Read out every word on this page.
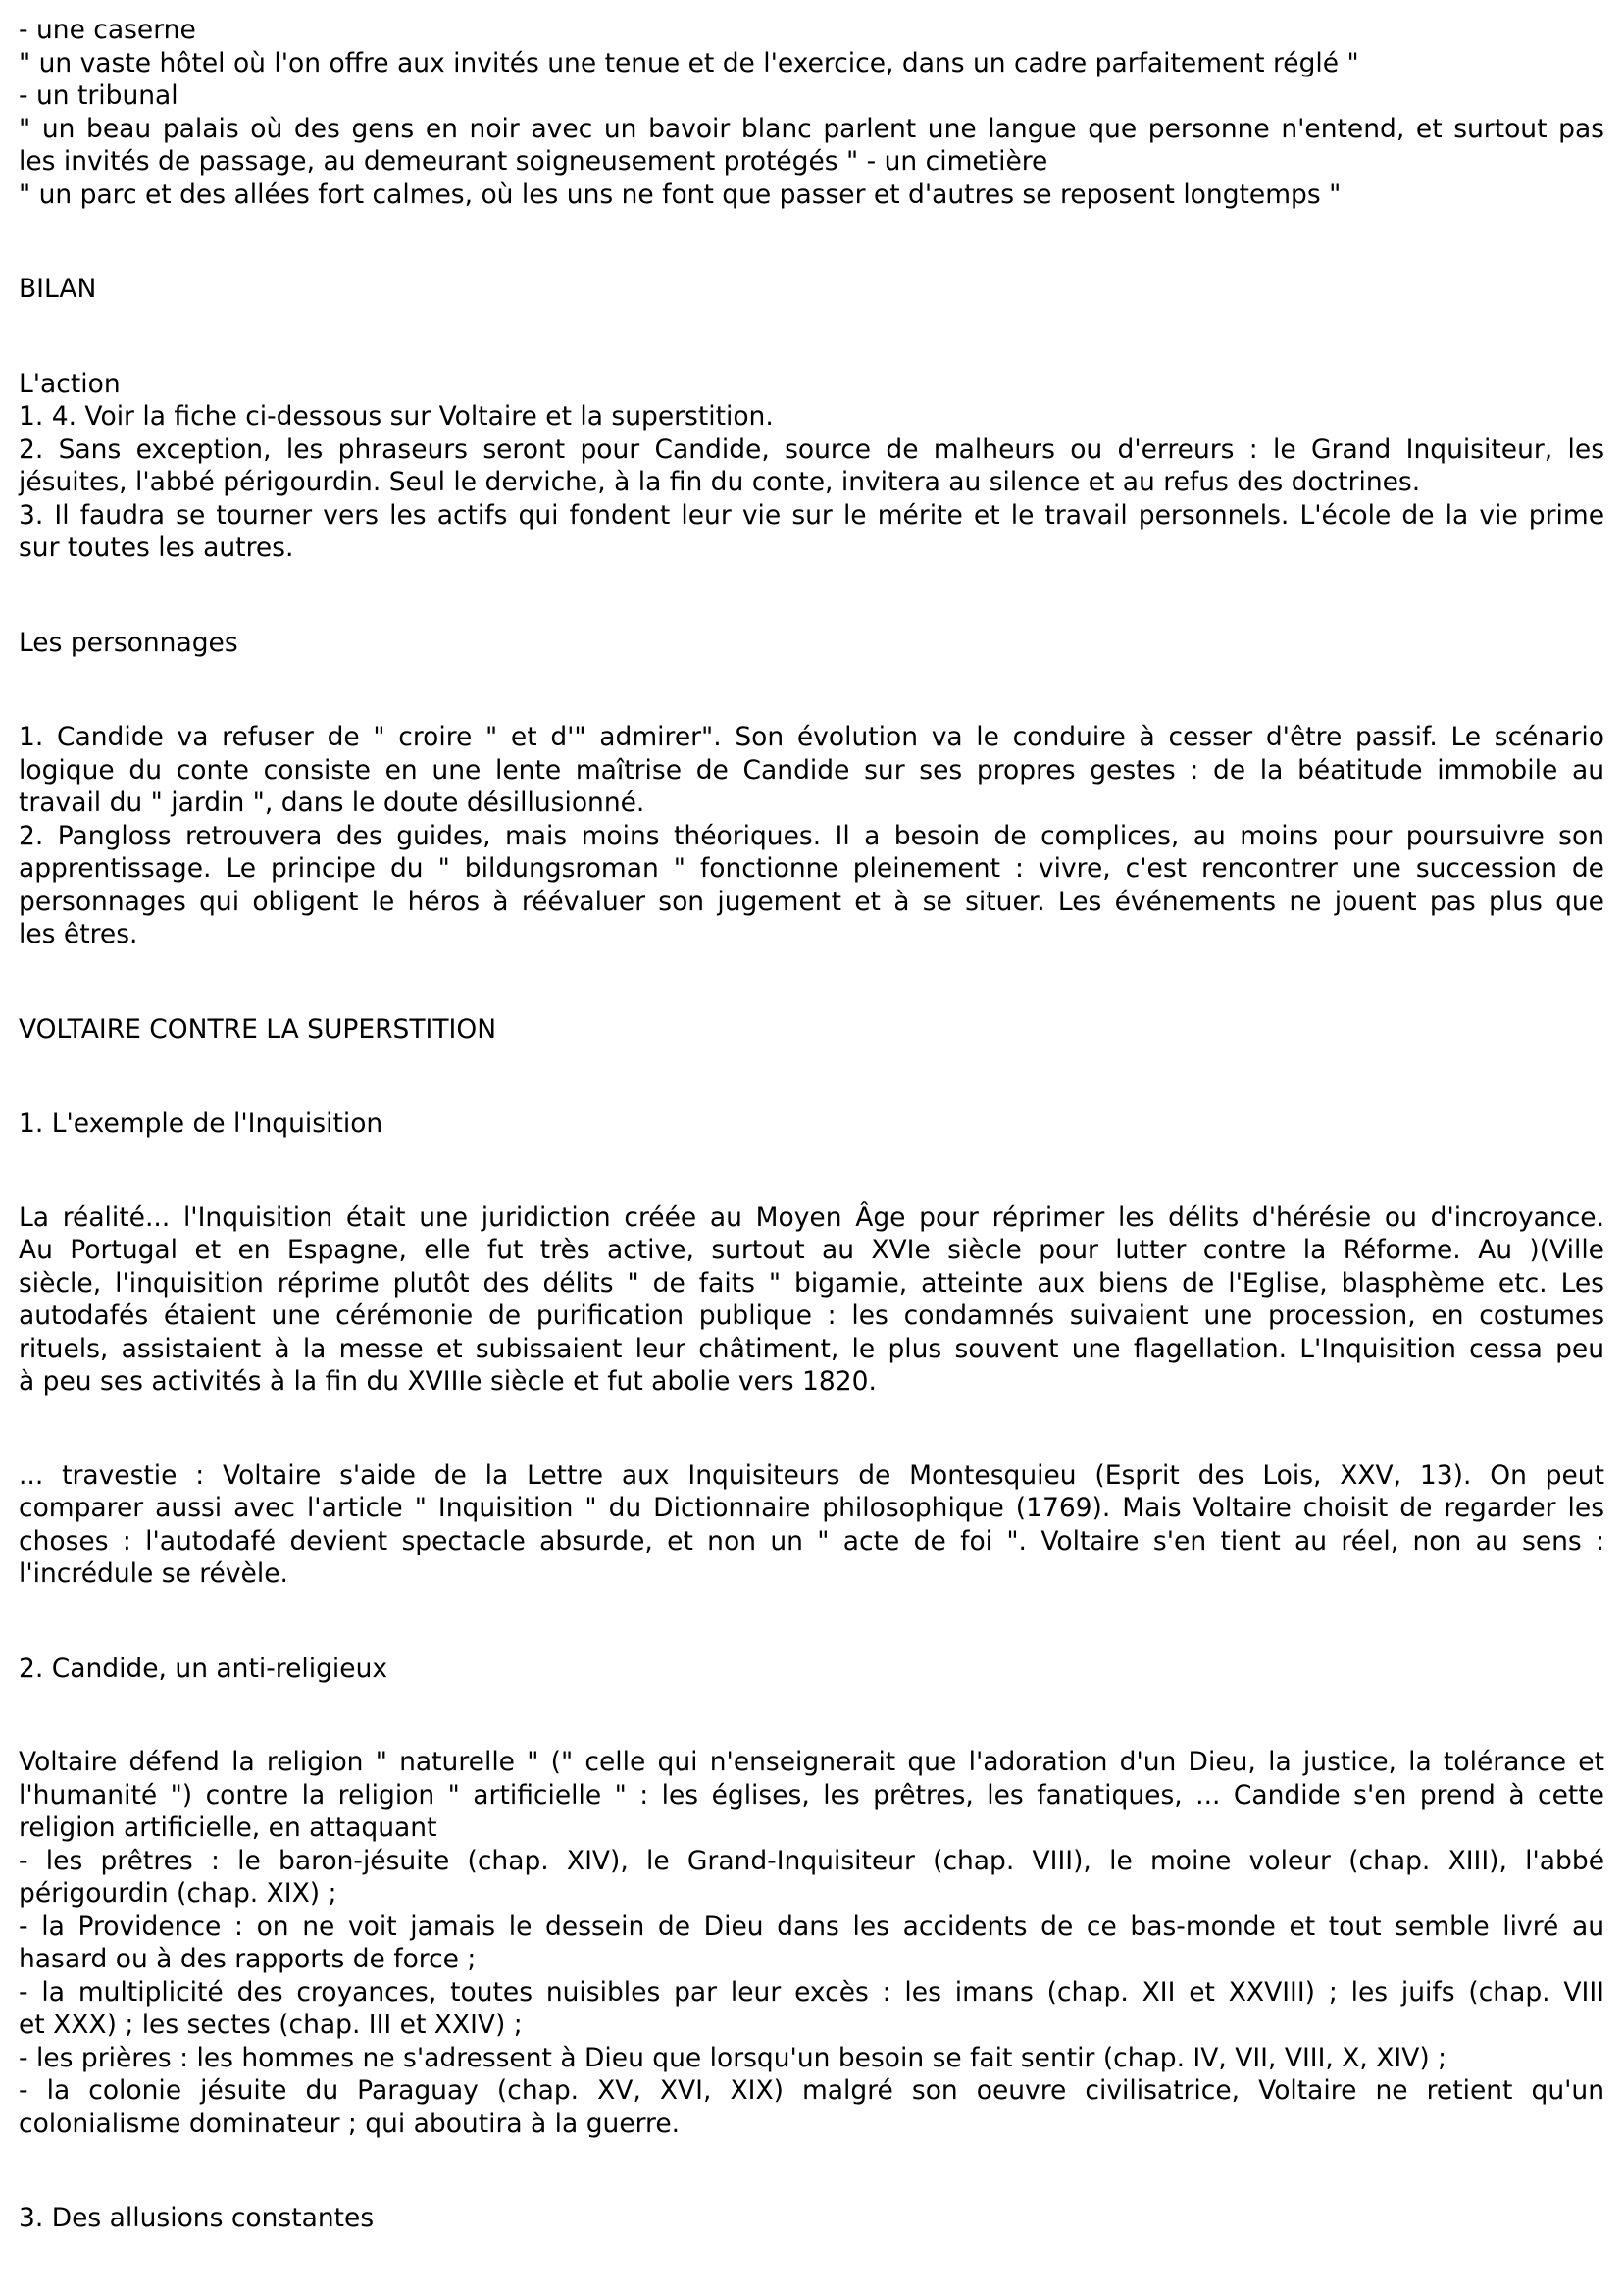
- une caserne
" un vaste hôtel où l'on offre aux invités une tenue et de l'exercice, dans un cadre parfaitement réglé "
- un tribunal
" un beau palais où des gens en noir avec un bavoir blanc parlent une langue que personne n'entend, et surtout pas
les invités de passage, au demeurant soigneusement protégés " - un cimetière
" un parc et des allées fort calmes, où les uns ne font que passer et d'autres se reposent longtemps "
BILAN
L'action
1. 4. Voir la fiche ci-dessous sur Voltaire et la superstition.
2. Sans exception, les phraseurs seront pour Candide, source de malheurs ou d'erreurs : le Grand Inquisiteur, les
jésuites, l'abbé périgourdin. Seul le derviche, à la fin du conte, invitera au silence et au refus des doctrines.
3. Il faudra se tourner vers les actifs qui fondent leur vie sur le mérite et le travail personnels. L'école de la vie prime
sur toutes les autres.
Les personnages
1. Candide va refuser de " croire " et d'" admirer". Son évolution va le conduire à cesser d'être passif. Le scénario
logique du conte consiste en une lente maîtrise de Candide sur ses propres gestes : de la béatitude immobile au
travail du " jardin ", dans le doute désillusionné.
2. Pangloss retrouvera des guides, mais moins théoriques. Il a besoin de complices, au moins pour poursuivre son
apprentissage. Le principe du " bildungsroman " fonctionne pleinement : vivre, c'est rencontrer une succession de
personnages qui obligent le héros à réévaluer son jugement et à se situer. Les événements ne jouent pas plus que
les êtres.
VOLTAIRE CONTRE LA SUPERSTITION
1. L'exemple de l'Inquisition
La réalité... l'Inquisition était une juridiction créée au Moyen Âge pour réprimer les délits d'hérésie ou d'incroyance.
Au Portugal et en Espagne, elle fut très active, surtout au XVIe siècle pour lutter contre la Réforme. Au )(Ville
siècle, l'inquisition réprime plutôt des délits " de faits " bigamie, atteinte aux biens de l'Eglise, blasphème etc. Les
autodafés étaient une cérémonie de purification publique : les condamnés suivaient une procession, en costumes
rituels, assistaient à la messe et subissaient leur châtiment, le plus souvent une flagellation. L'Inquisition cessa peu
à peu ses activités à la fin du XVIIIe siècle et fut abolie vers 1820.
... travestie : Voltaire s'aide de la Lettre aux Inquisiteurs de Montesquieu (Esprit des Lois, XXV, 13). On peut
comparer aussi avec l'article " Inquisition " du Dictionnaire philosophique (1769). Mais Voltaire choisit de regarder les
choses : l'autodafé devient spectacle absurde, et non un " acte de foi ". Voltaire s'en tient au réel, non au sens :
l'incrédule se révèle.
2. Candide, un anti-religieux
Voltaire défend la religion " naturelle " (" celle qui n'enseignerait que l'adoration d'un Dieu, la justice, la tolérance et
l'humanité ") contre la religion " artificielle " : les églises, les prêtres, les fanatiques, ... Candide s'en prend à cette
religion artificielle, en attaquant
- les prêtres : le baron-jésuite (chap. XIV), le Grand-Inquisiteur (chap. VIII), le moine voleur (chap. XIII), l'abbé
périgourdin (chap. XIX) ;
- la Providence : on ne voit jamais le dessein de Dieu dans les accidents de ce bas-monde et tout semble livré au
hasard ou à des rapports de force ;
- la multiplicité des croyances, toutes nuisibles par leur excès : les imans (chap. XII et XXVIII) ; les juifs (chap. VIII
et XXX) ; les sectes (chap. III et XXIV) ;
- les prières : les hommes ne s'adressent à Dieu que lorsqu'un besoin se fait sentir (chap. IV, VII, VIII, X, XIV) ;
- la colonie jésuite du Paraguay (chap. XV, XVI, XIX) malgré son oeuvre civilisatrice, Voltaire ne retient qu'un
colonialisme dominateur ; qui aboutira à la guerre.
3. Des allusions constantes
